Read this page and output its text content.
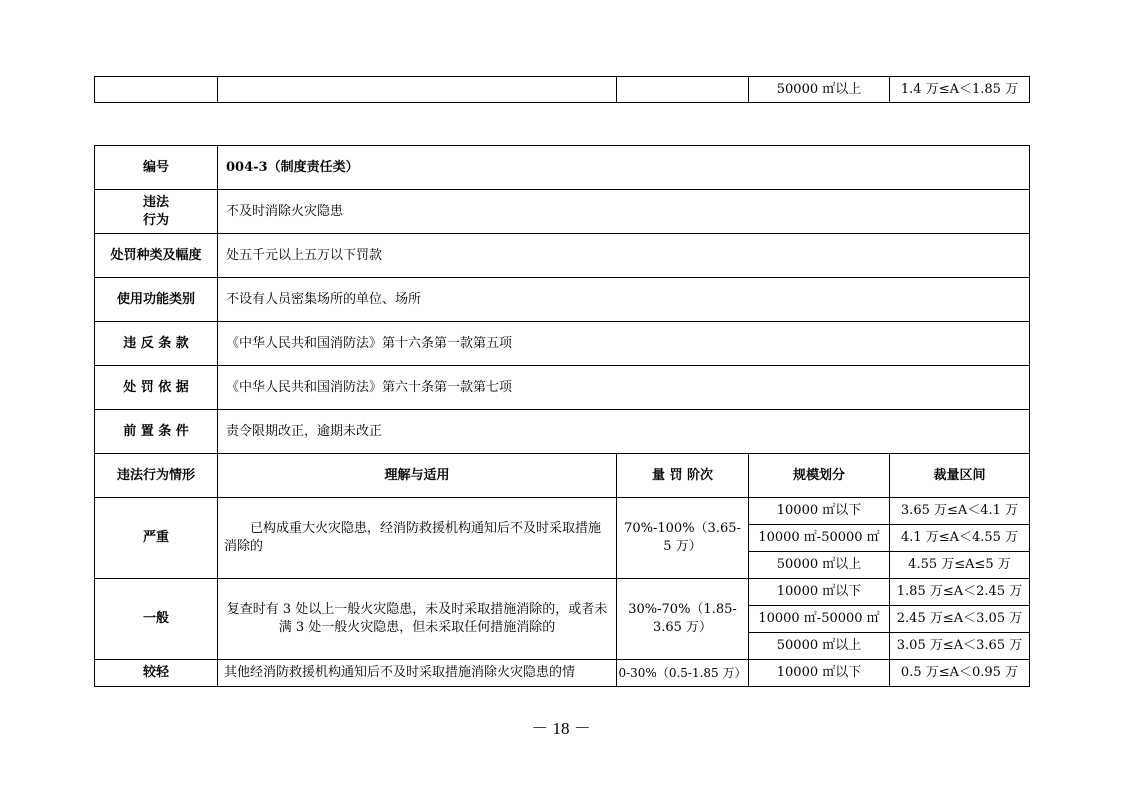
			50000 ㎡以上	1.4 万≤A＜1.85 万
编号	004-3（制度责任类）			
违法
行为	不及时消除火灾隐患			
处罚种类及幅度	处五千元以上五万以下罚款			
使用功能类别	不设有人员密集场所的单位、场所			
违 反 条 款	《中华人民共和国消防法》第十六条第一款第五项			
处 罚 依 据	《中华人民共和国消防法》第六十条第一款第七项			
前 置 条 件	责令限期改正，逾期未改正			
违法行为情形	理解与适用	量 罚 阶次	规模划分	裁量区间
严重	已构成重大火灾隐患，经消防救援机构通知后不及时采取措施消除的	70%-100%（3.65-5 万）	10000 ㎡以下	3.65 万≤A＜4.1 万
			10000 ㎡-50000 ㎡	4.1 万≤A＜4.55 万
			50000 ㎡以上	4.55 万≤A≤5 万
一般	复查时有 3 处以上一般火灾隐患，未及时采取措施消除的，或者未满 3 处一般火灾隐患，但未采取任何措施消除的	30%-70%（1.85-3.65 万）	10000 ㎡以下	1.85 万≤A＜2.45 万
			10000 ㎡-50000 ㎡	2.45 万≤A＜3.05 万
			50000 ㎡以上	3.05 万≤A＜3.65 万
较轻	其他经消防救援机构通知后不及时采取措施消除火灾隐患的情	0-30%（0.5-1.85 万）	10000 ㎡以下	0.5 万≤A＜0.95 万
－ 18 －
